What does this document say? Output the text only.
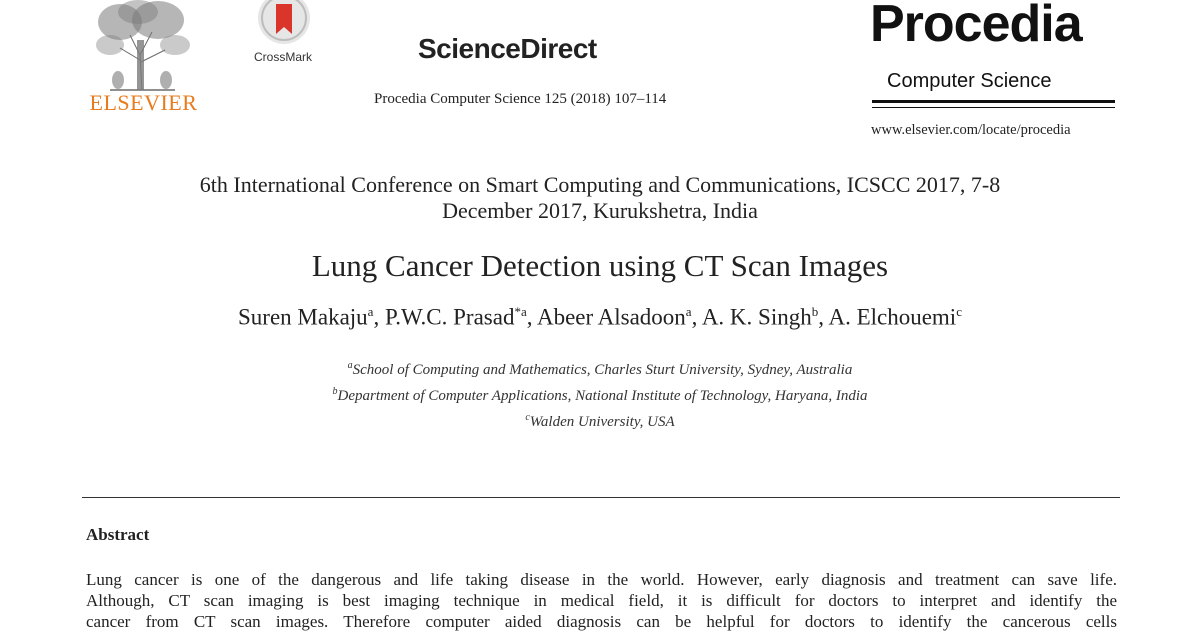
ELSEVIER
CrossMark	ScienceDirect
Procedia Computer Science 125 (2018) 107–114
Procedia
Computer Science
www.elsevier.com/locate/procedia
6th International Conference on Smart Computing and Communications, ICSCC 2017, 7-8
December 2017, Kurukshetra, India
Lung Cancer Detection using CT Scan Images
Suren Makaju$^a$, P.W.C. Prasad$^{*a}$, Abeer Alsadoon$^a$, A. K. Singh$^b$, A. Elchouemi$^c$
$^a$School of Computing and Mathematics, Charles Sturt University, Sydney, Australia
$^b$Department of Computer Applications, National Institute of Technology, Haryana, India
$^c$Walden University, USA
Abstract
Lung cancer is one of the dangerous and life taking disease in the world. However, early diagnosis and treatment can save life.
Although, CT scan imaging is best imaging technique in medical field, it is difficult for doctors to interpret and identify the
cancer from CT scan images. Therefore computer aided diagnosis can be helpful for doctors to identify the cancerous cells
